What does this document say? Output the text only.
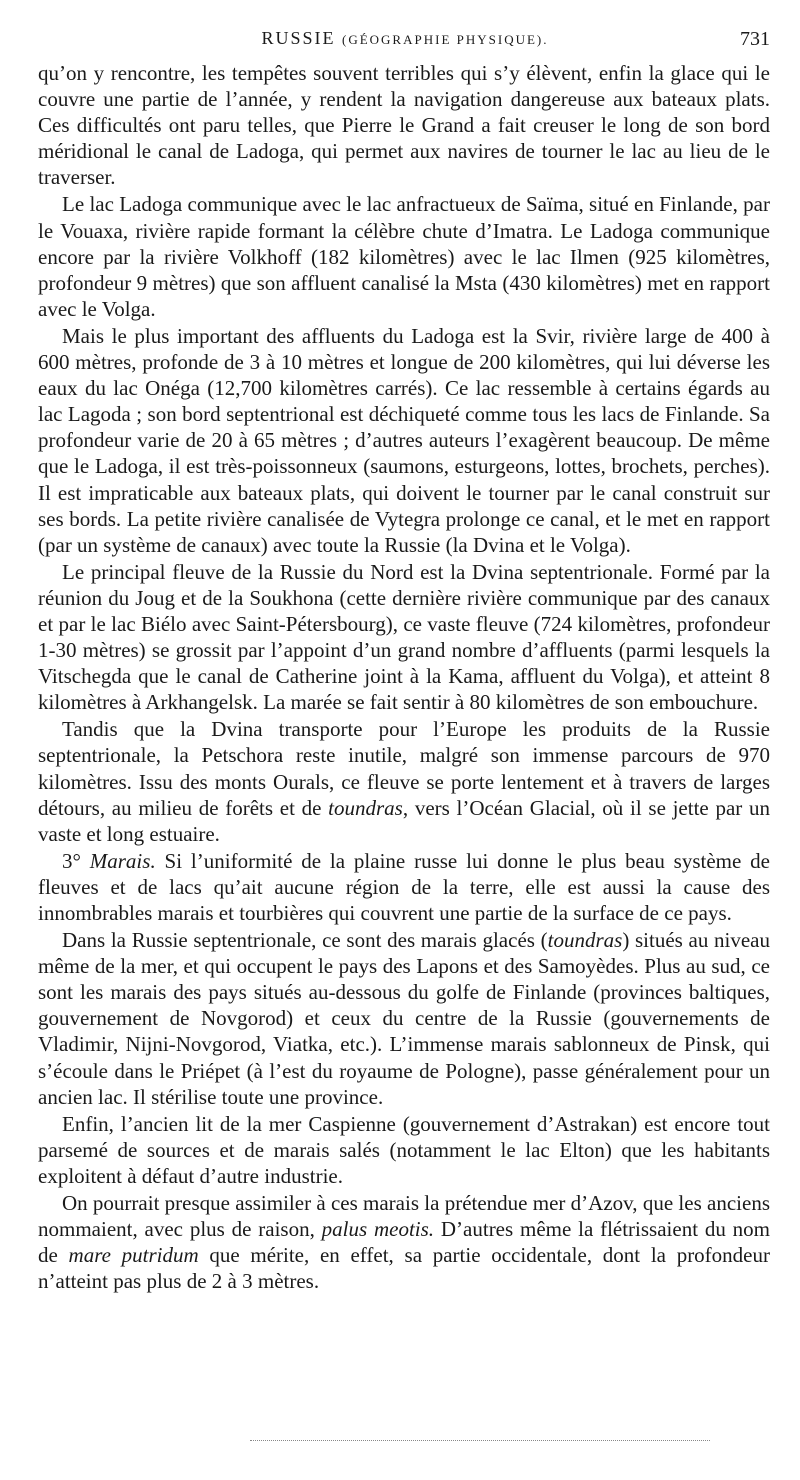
RUSSIE (GÉOGRAPHIE PHYSIQUE).	731

qu’on y rencontre, les tempêtes souvent terribles qui s’y élèvent, enfin la glace qui le couvre une partie de l’année, y rendent la navigation dangereuse aux bateaux plats. Ces difficultés ont paru telles, que Pierre le Grand a fait creuser le long de son bord méridional le canal de Ladoga, qui permet aux navires de tourner le lac au lieu de le traverser.

Le lac Ladoga communique avec le lac anfractueux de Saïma, situé en Finlande, par le Vouaxa, rivière rapide formant la célèbre chute d’Imatra. Le Ladoga communique encore par la rivière Volkhoff (182 kilomètres) avec le lac Ilmen (925 kilomètres, profondeur 9 mètres) que son affluent canalisé la Msta (430 kilomètres) met en rapport avec le Volga.

Mais le plus important des affluents du Ladoga est la Svir, rivière large de 400 à 600 mètres, profonde de 3 à 10 mètres et longue de 200 kilomètres, qui lui déverse les eaux du lac Onéga (12,700 kilomètres carrés). Ce lac ressemble à certains égards au lac Lagoda ; son bord septentrional est déchiqueté comme tous les lacs de Finlande. Sa profondeur varie de 20 à 65 mètres ; d’autres auteurs l’exagèrent beaucoup. De même que le Ladoga, il est très-poissonneux (saumons, esturgeons, lottes, brochets, perches). Il est impraticable aux bateaux plats, qui doivent le tourner par le canal construit sur ses bords. La petite rivière canalisée de Vytegra prolonge ce canal, et le met en rapport (par un système de canaux) avec toute la Russie (la Dvina et le Volga).

Le principal fleuve de la Russie du Nord est la Dvina septentrionale. Formé par la réunion du Joug et de la Soukhona (cette dernière rivière communique par des canaux et par le lac Biélo avec Saint-Pétersbourg), ce vaste fleuve (724 kilomètres, profondeur 1-30 mètres) se grossit par l’appoint d’un grand nombre d’affluents (parmi lesquels la Vitschegda que le canal de Catherine joint à la Kama, affluent du Volga), et atteint 8 kilomètres à Arkhangelsk. La marée se fait sentir à 80 kilomètres de son embouchure.

Tandis que la Dvina transporte pour l’Europe les produits de la Russie septentrionale, la Petschora reste inutile, malgré son immense parcours de 970 kilomètres. Issu des monts Ourals, ce fleuve se porte lentement et à travers de larges détours, au milieu de forêts et de toundras, vers l’Océan Glacial, où il se jette par un vaste et long estuaire.

3° Marais. Si l’uniformité de la plaine russe lui donne le plus beau système de fleuves et de lacs qu’ait aucune région de la terre, elle est aussi la cause des innombrables marais et tourbières qui couvrent une partie de la surface de ce pays.

Dans la Russie septentrionale, ce sont des marais glacés (toundras) situés au niveau même de la mer, et qui occupent le pays des Lapons et des Samoyèdes. Plus au sud, ce sont les marais des pays situés au-dessous du golfe de Finlande (provinces baltiques, gouvernement de Novgorod) et ceux du centre de la Russie (gouvernements de Vladimir, Nijni-Novgorod, Viatka, etc.). L’immense marais sablonneux de Pinsk, qui s’écoule dans le Priépet (à l’est du royaume de Pologne), passe généralement pour un ancien lac. Il stérilise toute une province.

Enfin, l’ancien lit de la mer Caspienne (gouvernement d’Astrakan) est encore tout parsemé de sources et de marais salés (notamment le lac Elton) que les habitants exploitent à défaut d’autre industrie.

On pourrait presque assimiler à ces marais la prétendue mer d’Azov, que les anciens nommaient, avec plus de raison, palus meotis. D’autres même la flétrissaient du nom de mare putridum que mérite, en effet, sa partie occidentale, dont la profondeur n’atteint pas plus de 2 à 3 mètres.
